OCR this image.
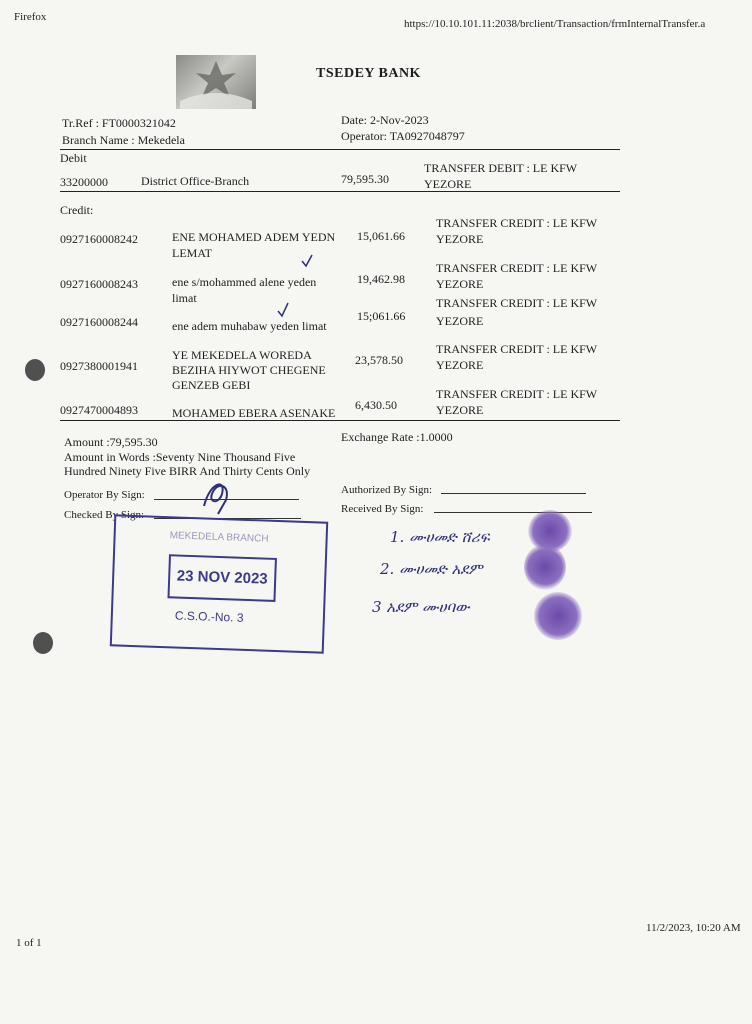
Firefox
https://10.10.101.11:2038/brclient/Transaction/frmInternalTransfer.a
TSEDEY BANK
Tr.Ref : FT0000321042	Date: 2-Nov-2023
Branch Name : Mekedela	Operator: TA0927048797
Debit
33200000	District Office-Branch	79,595.30
TRANSFER DEBIT : LE KFW
YEZORE
Credit:
0927160008242	ENE MOHAMED ADEM YEDN
LEMAT
15,061.66
TRANSFER CREDIT : LE KFW
YEZORE
0927160008243	ene s/mohammed alene yeden
limat
19,462.98
TRANSFER CREDIT : LE KFW
YEZORE
0927160008244	ene adem muhabaw yeden limat
15;061.66
TRANSFER CREDIT : LE KFW
YEZORE
0927380001941
YE MEKEDELA WOREDA
BEZIHA HIYWOT CHEGENE
GENZEB GEBI
23,578.50
TRANSFER CREDIT : LE KFW
YEZORE
0927470004893	MOHAMED EBERA ASENAKE
6,430.50
TRANSFER CREDIT : LE KFW
YEZORE
Amount :79,595.30	Exchange Rate :1.0000
Amount in Words :Seventy Nine Thousand Five
Hundred Ninety Five BIRR And Thirty Cents Only
Operator By Sign:	Authorized By Sign:
Checked By Sign:	Received By Sign:
MEKEDELA BRANCH
23 NOV 2023
C.S.O.-No. 3
1. ሙሀመድ ሸሪፍ
2. ሙሀመድ አደም
3 አደም ሙሀባው
1 of 1
11/2/2023, 10:20 AM
